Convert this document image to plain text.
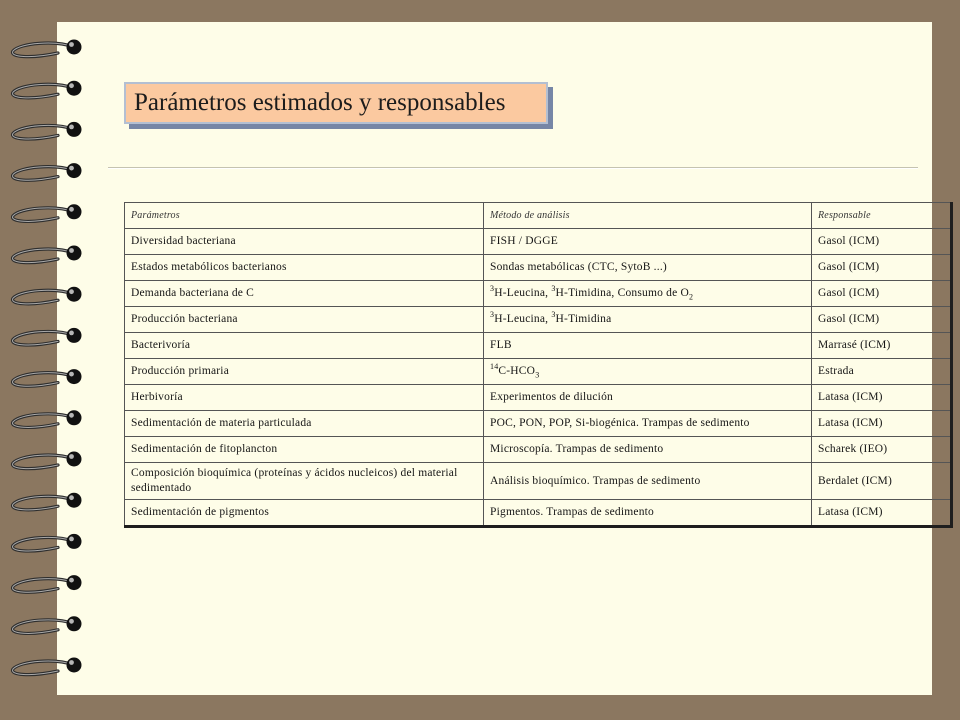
Parámetros estimados y responsables
Parámetros	Método de análisis	Responsable
Diversidad bacteriana	FISH / DGGE	Gasol (ICM)
Estados metabólicos bacterianos	Sondas metabólicas (CTC, SytoB ...)	Gasol (ICM)
Demanda bacteriana de C	$^3$H-Leucina, $^3$H-Timidina, Consumo de $O_2$	Gasol (ICM)
Producción bacteriana	$^3$H-Leucina, $^3$H-Timidina	Gasol (ICM)
Bacterivoría	FLB	Marrasé (ICM)
Producción primaria	$^{14}C-HCO_3$	Estrada
Herbivoría	Experimentos de dilución	Latasa (ICM)
Sedimentación de materia particulada	POC, PON, POP, Si-biogénica. Trampas de sedimento	Latasa (ICM)
Sedimentación de fitoplancton	Microscopía. Trampas de sedimento	Scharek (IEO)
Composición bioquímica (proteínas y ácidos nucleicos) del material sedimentado	Análisis bioquímico. Trampas de sedimento	Berdalet (ICM)
Sedimentación de pigmentos	Pigmentos. Trampas de sedimento	Latasa (ICM)
